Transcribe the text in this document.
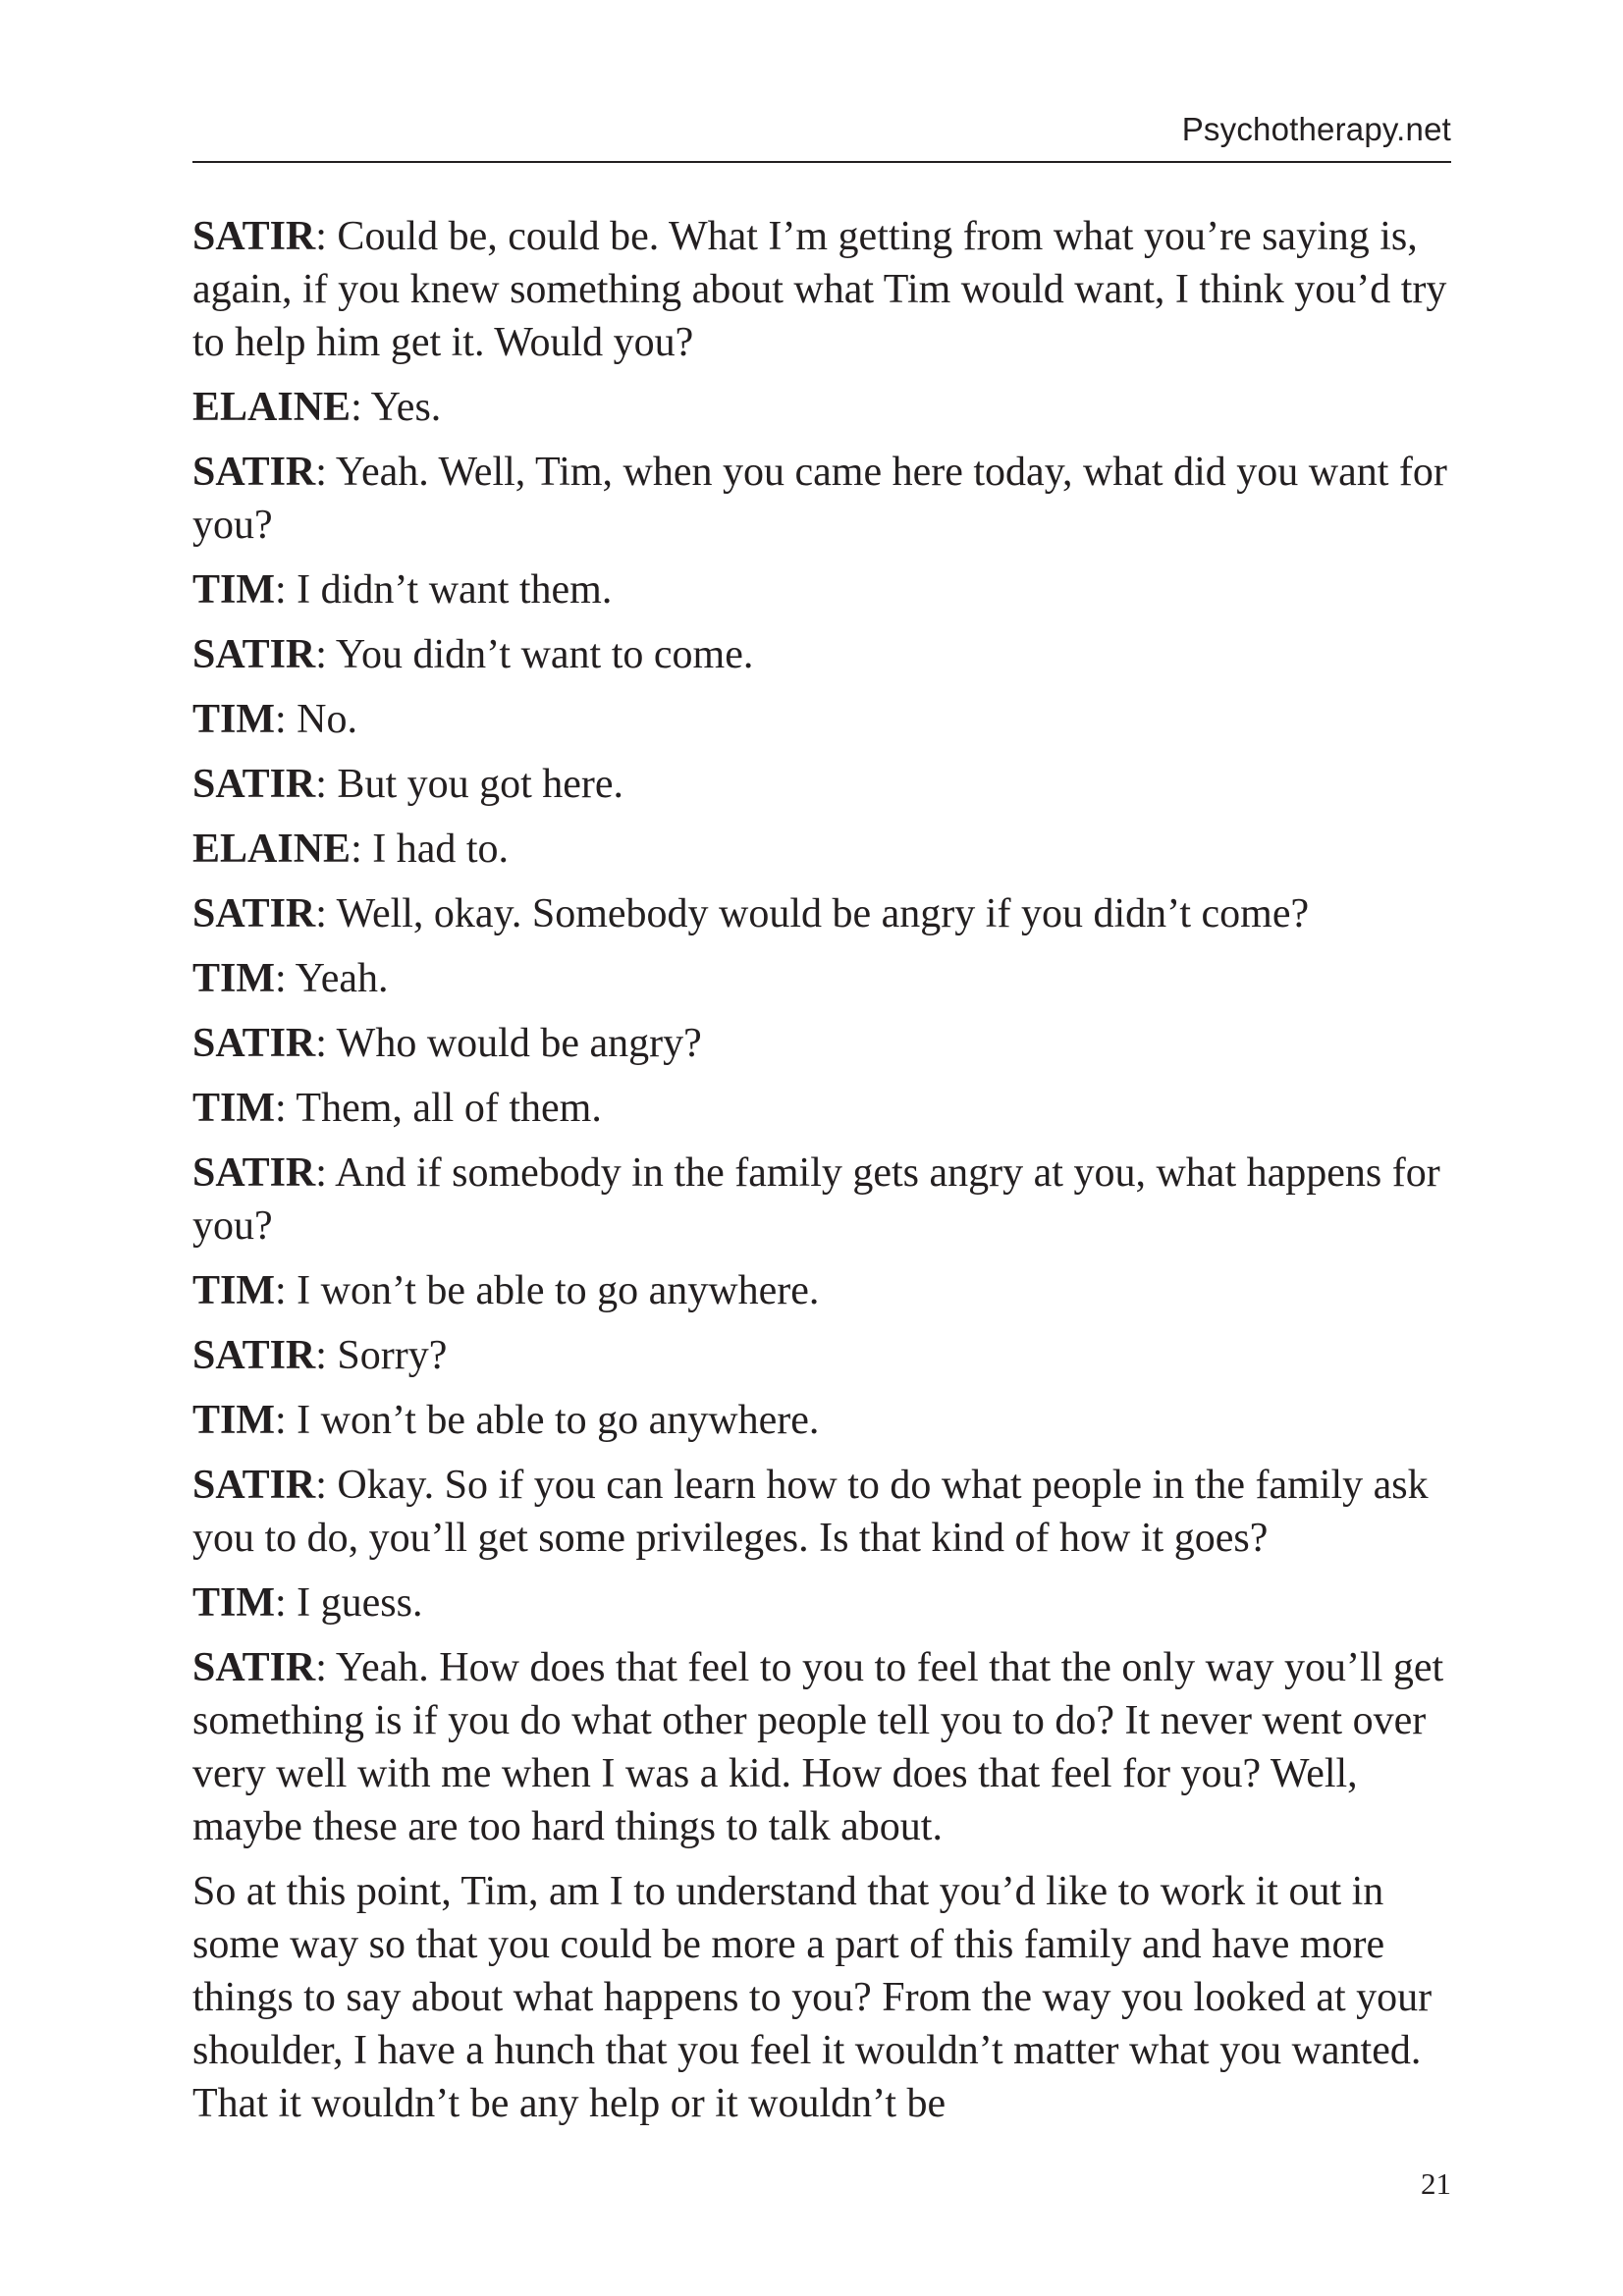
Psychotherapy.net

SATIR: Could be, could be. What I’m getting from what you’re saying is, again, if you knew something about what Tim would want, I think you’d try to help him get it. Would you?

ELAINE: Yes.

SATIR: Yeah. Well, Tim, when you came here today, what did you want for you?

TIM: I didn’t want them.

SATIR: You didn’t want to come.

TIM: No.

SATIR: But you got here.

ELAINE: I had to.

SATIR: Well, okay. Somebody would be angry if you didn’t come?

TIM: Yeah.

SATIR: Who would be angry?

TIM: Them, all of them.

SATIR: And if somebody in the family gets angry at you, what happens for you?

TIM: I won’t be able to go anywhere.

SATIR: Sorry?

TIM: I won’t be able to go anywhere.

SATIR: Okay. So if you can learn how to do what people in the family ask you to do, you’ll get some privileges. Is that kind of how it goes?

TIM: I guess.

SATIR: Yeah. How does that feel to you to feel that the only way you’ll get something is if you do what other people tell you to do? It never went over very well with me when I was a kid. How does that feel for you? Well, maybe these are too hard things to talk about.

So at this point, Tim, am I to understand that you’d like to work it out in some way so that you could be more a part of this family and have more things to say about what happens to you? From the way you looked at your shoulder, I have a hunch that you feel it wouldn’t matter what you wanted. That it wouldn’t be any help or it wouldn’t be

21
